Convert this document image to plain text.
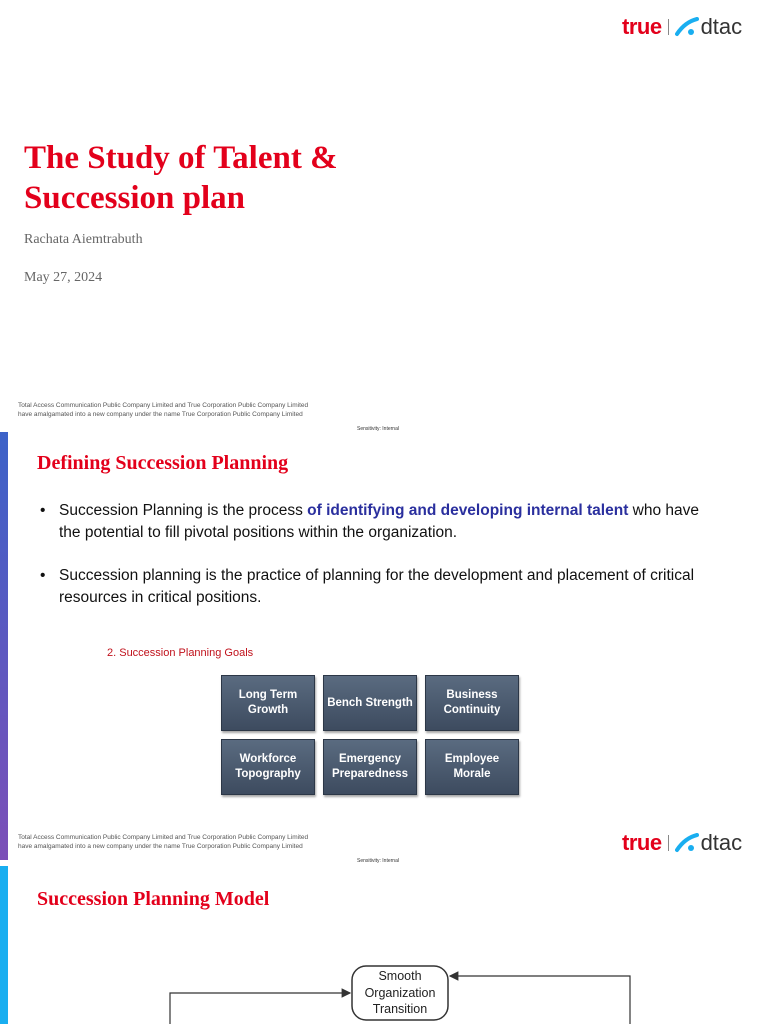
true dtac
The Study of Talent &
Succession plan
Rachata Aiemtrabuth
May 27, 2024
Total Access Communication Public Company Limited and True Corporation Public Company Limited
have amalgamated into a new company under the name True Corporation Public Company Limited
Sensitivity: Internal
Defining Succession Planning
• Succession Planning is the process of identifying and developing internal talent who have the potential to fill pivotal positions within the organization.
• Succession planning is the practice of planning for the development and placement of critical resources in critical positions.
2. Succession Planning Goals
Long Term Growth
Bench Strength
Business Continuity
Workforce Topography
Emergency Preparedness
Employee Morale
Total Access Communication Public Company Limited and True Corporation Public Company Limited
have amalgamated into a new company under the name True Corporation Public Company Limited
Sensitivity: Internal
true dtac
Succession Planning Model
Smooth
Organization
Transition
